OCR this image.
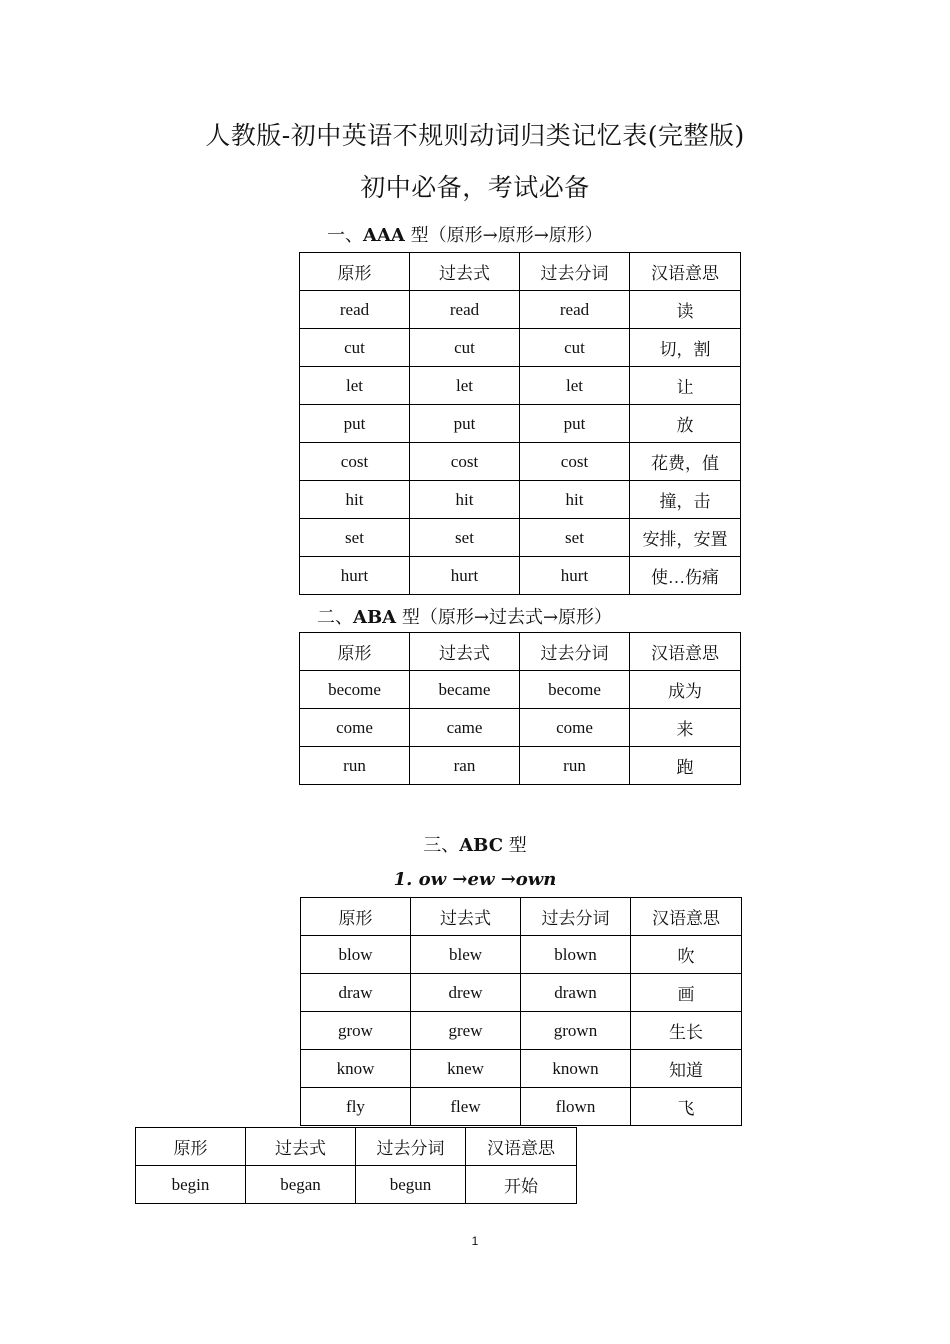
人教版-初中英语不规则动词归类记忆表(完整版)
初中必备，考试必备
一、AAA 型（原形→原形→原形）
原形	过去式	过去分词	汉语意思
read	read	read	读
cut	cut	cut	切，割
let	let	let	让
put	put	put	放
cost	cost	cost	花费，值
hit	hit	hit	撞，击
set	set	set	安排，安置
hurt	hurt	hurt	使…伤痛
二、ABA 型（原形→过去式→原形）
原形	过去式	过去分词	汉语意思
become	became	become	成为
come	came	come	来
run	ran	run	跑
三、ABC 型
1. ow →ew →own
原形	过去式	过去分词	汉语意思
blow	blew	blown	吹
draw	drew	drawn	画
grow	grew	grown	生长
know	knew	known	知道
fly	flew	flown	飞
原形	过去式	过去分词	汉语意思
begin	began	begun	开始
1
